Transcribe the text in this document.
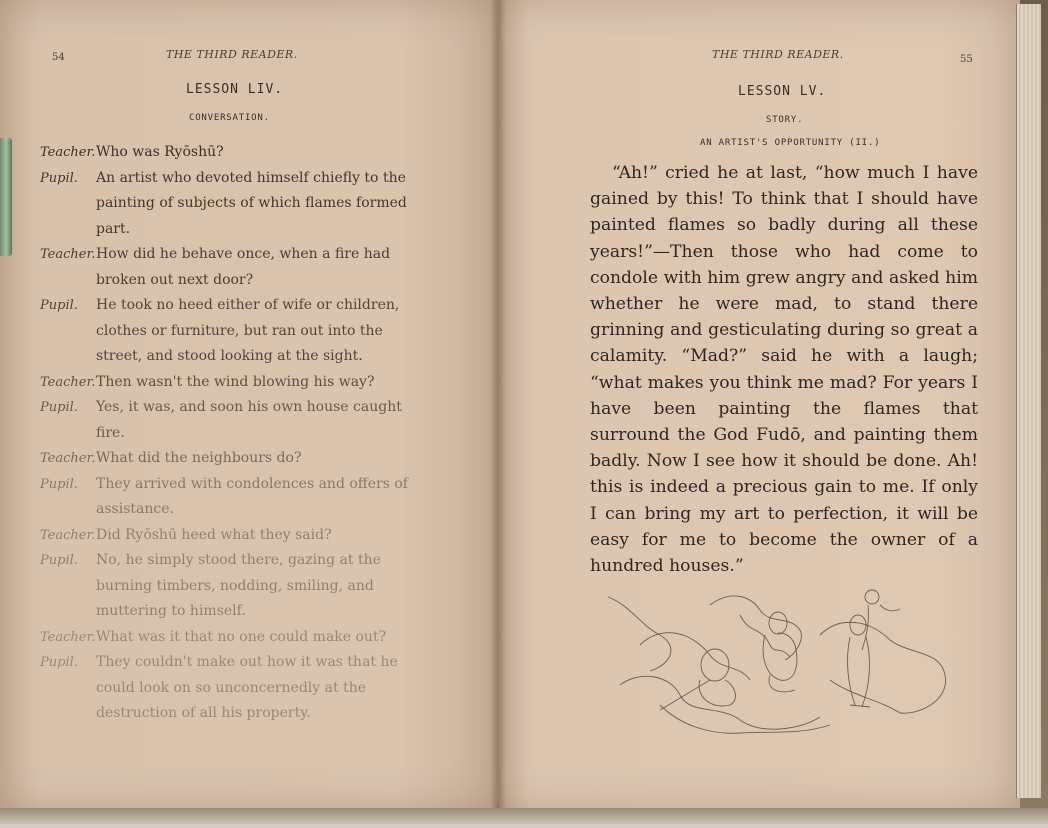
54	THE THIRD READER.
LESSON LIV.
CONVERSATION.
Teacher. Who was Ryōshū?
Pupil. An artist who devoted himself chiefly to the painting of subjects of which flames formed part.
Teacher. How did he behave once, when a fire had broken out next door?
Pupil. He took no heed either of wife or children, clothes or furniture, but ran out into the street, and stood looking at the sight.
Teacher. Then wasn't the wind blowing his way?
Pupil. Yes, it was, and soon his own house caught fire.
Teacher. What did the neighbours do?
Pupil. They arrived with condolences and offers of assistance.
Teacher. Did Ryōshū heed what they said?
Pupil. No, he simply stood there, gazing at the burning timbers, nodding, smiling, and muttering to himself.
Teacher. What was it that no one could make out?
Pupil. They couldn't make out how it was that he could look on so unconcernedly at the destruction of all his property.
THE THIRD READER.	55
LESSON LV.
STORY.
AN ARTIST'S OPPORTUNITY (II.)
“Ah!” cried he at last, “how much I have gained by this! To think that I should have painted flames so badly during all these years!”—Then those who had come to condole with him grew angry and asked him whether he were mad, to stand there grinning and gesticulating during so great a calamity. “Mad?” said he with a laugh; “what makes you think me mad? For years I have been painting the flames that surround the God Fudō, and painting them badly. Now I see how it should be done. Ah! this is indeed a precious gain to me. If only I can bring my art to perfection, it will be easy for me to become the owner of a hundred houses.”
